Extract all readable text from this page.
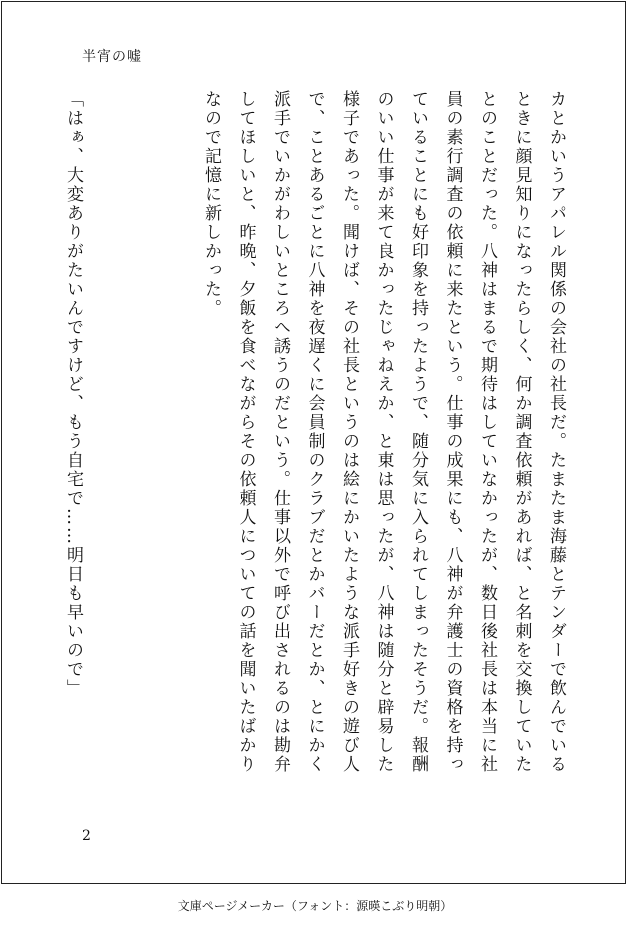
半宵の嘘
カとかいうアパレル関係の会社の社長だ。たまたま海藤とテンダーで飲んでいる
ときに顔見知りになったらしく、何か調査依頼があれば、と名刺を交換していた
とのことだった。八神はまるで期待はしていなかったが、数日後社長は本当に社
員の素行調査の依頼に来たという。仕事の成果にも、八神が弁護士の資格を持っ
ていることにも好印象を持ったようで、随分気に入られてしまったそうだ。報酬
のいい仕事が来て良かったじゃねえか、と東は思ったが、八神は随分と辟易した
様子であった。聞けば、その社長というのは絵にかいたような派手好きの遊び人
で、ことあるごとに八神を夜遅くに会員制のクラブだとかバーだとか、とにかく
派手でいかがわしいところへ誘うのだという。仕事以外で呼び出されるのは勘弁
してほしいと、昨晩、夕飯を食べながらその依頼人についての話を聞いたばかり
なので記憶に新しかった。
「はぁ、大変ありがたいんですけど、もう自宅で……明日も早いので」
2
文庫ページメーカー（フォント：源暎こぶり明朝）
